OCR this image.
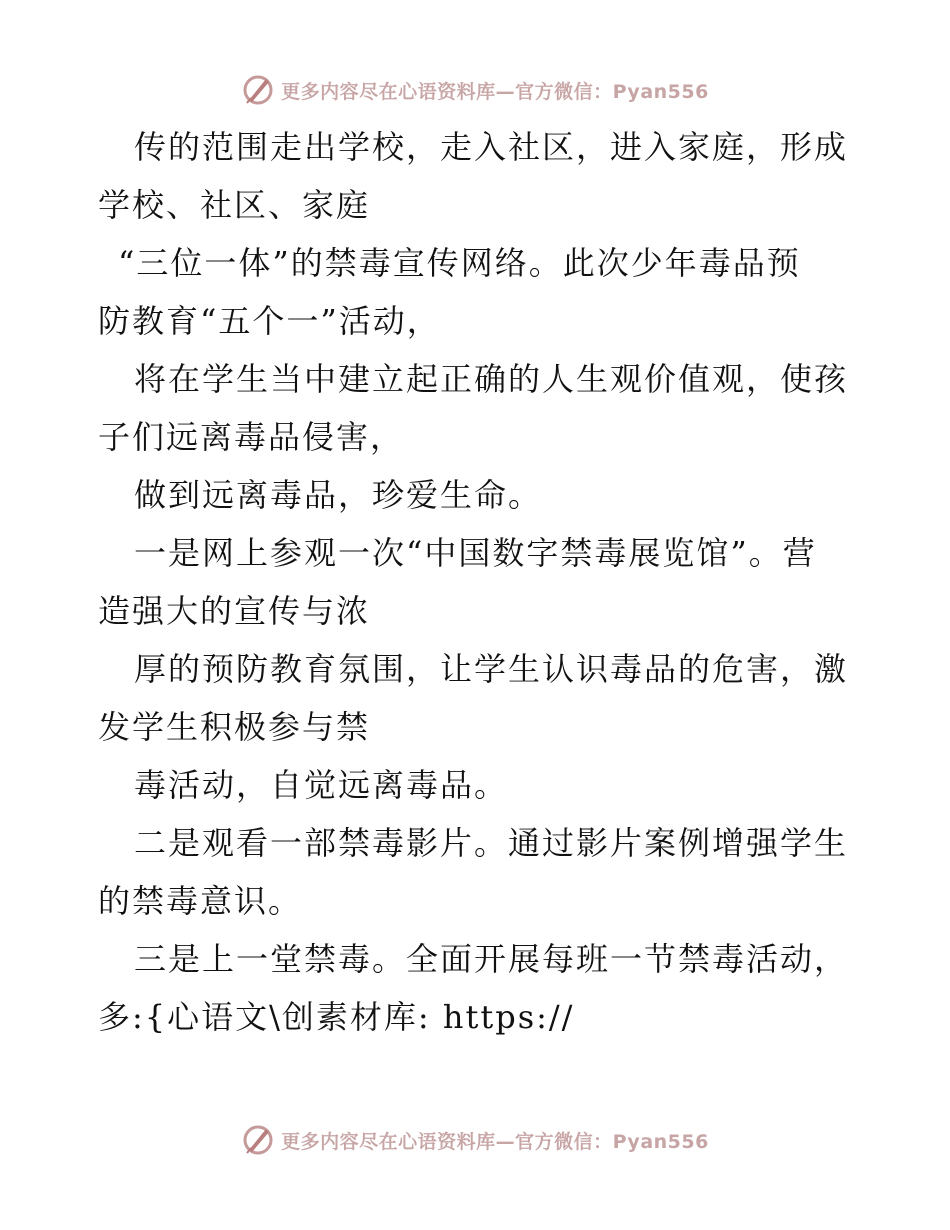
更多内容尽在心语资料库—官方微信：Pyan556
传的范围走出学校，走入社区，进入家庭，形成
学校、社区、家庭
“三位一体”的禁毒宣传网络。此次少年毒品预
防教育“五个一”活动，
将在学生当中建立起正确的人生观价值观，使孩
子们远离毒品侵害，
做到远离毒品，珍爱生命。
一是网上参观一次“中国数字禁毒展览馆”。营
造强大的宣传与浓
厚的预防教育氛围，让学生认识毒品的危害，激
发学生积极参与禁
毒活动，自觉远离毒品。
二是观看一部禁毒影片。通过影片案例增强学生
的禁毒意识。
三是上一堂禁毒。全面开展每班一节禁毒活动，
多:{心语文\创素材库: https://
更多内容尽在心语资料库—官方微信：Pyan556
